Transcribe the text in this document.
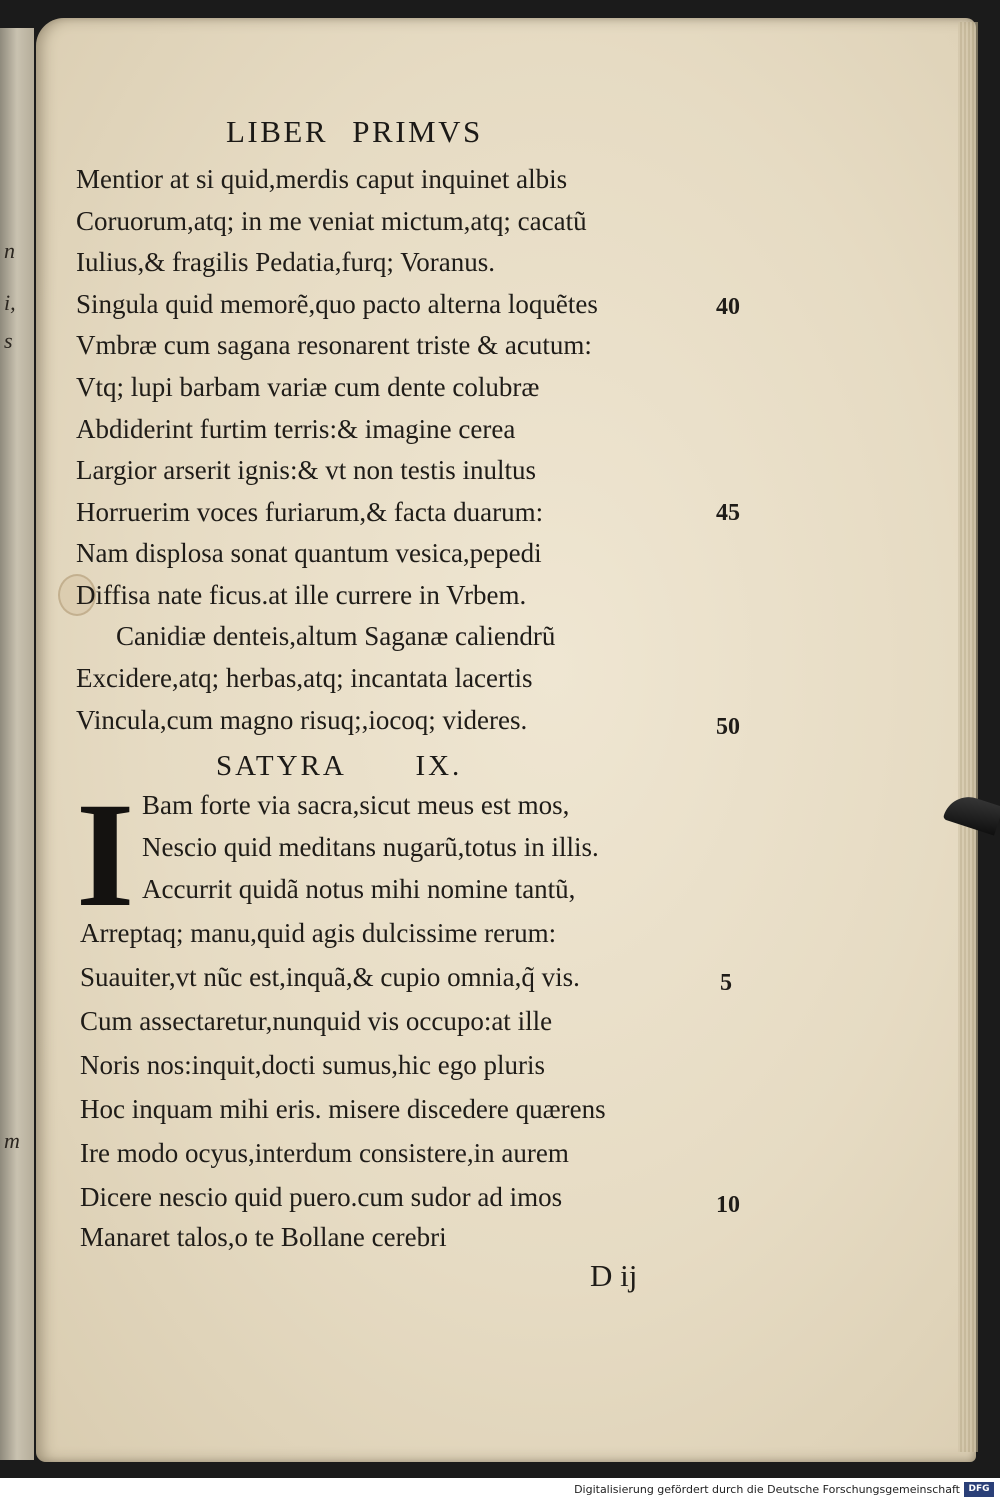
n
i,
s
m
LIBER PRIMVS

Mentior at si quid,merdis caput inquinet albis

Coruorum,atq; in me veniat mictum,atq; cacatũ

Iulius,& fragilis Pedatia,furq; Voranus.

Singula quid memorẽ,quo pacto alterna loquẽtes

Vmbræ cum sagana resonarent triste & acutum:

Vtq; lupi barbam variæ cum dente colubræ

Abdiderint furtim terris:& imagine cerea

Largior arserit ignis:& vt non testis inultus

Horruerim voces furiarum,& facta duarum:

Nam displosa sonat quantum vesica,pepedi

Diffisa nate ficus.at ille currere in Vrbem.

Canidiæ denteis,altum Saganæ caliendrũ

Excidere,atq; herbas,atq; incantata lacertis

Vincula,cum magno risuq;,iocoq; videres.

40

45

50

SATYRA IX.
I Bam forte via sacra,sicut meus est mos,

Nescio quid meditans nugarũ,totus in illis.

Accurrit quidã notus mihi nomine tantũ,

Arreptaq; manu,quid agis dulcissime rerum:

Suauiter,vt nũc est,inquã,& cupio omnia,q̃ vis.

Cum assectaretur,nunquid vis occupo:at ille

Noris nos:inquit,docti sumus,hic ego pluris

Hoc inquam mihi eris. misere discedere quærens

Ire modo ocyus,interdum consistere,in aurem

Dicere nescio quid puero.cum sudor ad imos

Manaret talos,o te Bollane cerebri

5

10

D ij

Digitalisierung gefördert durch die Deutsche Forschungsgemeinschaft DFG
